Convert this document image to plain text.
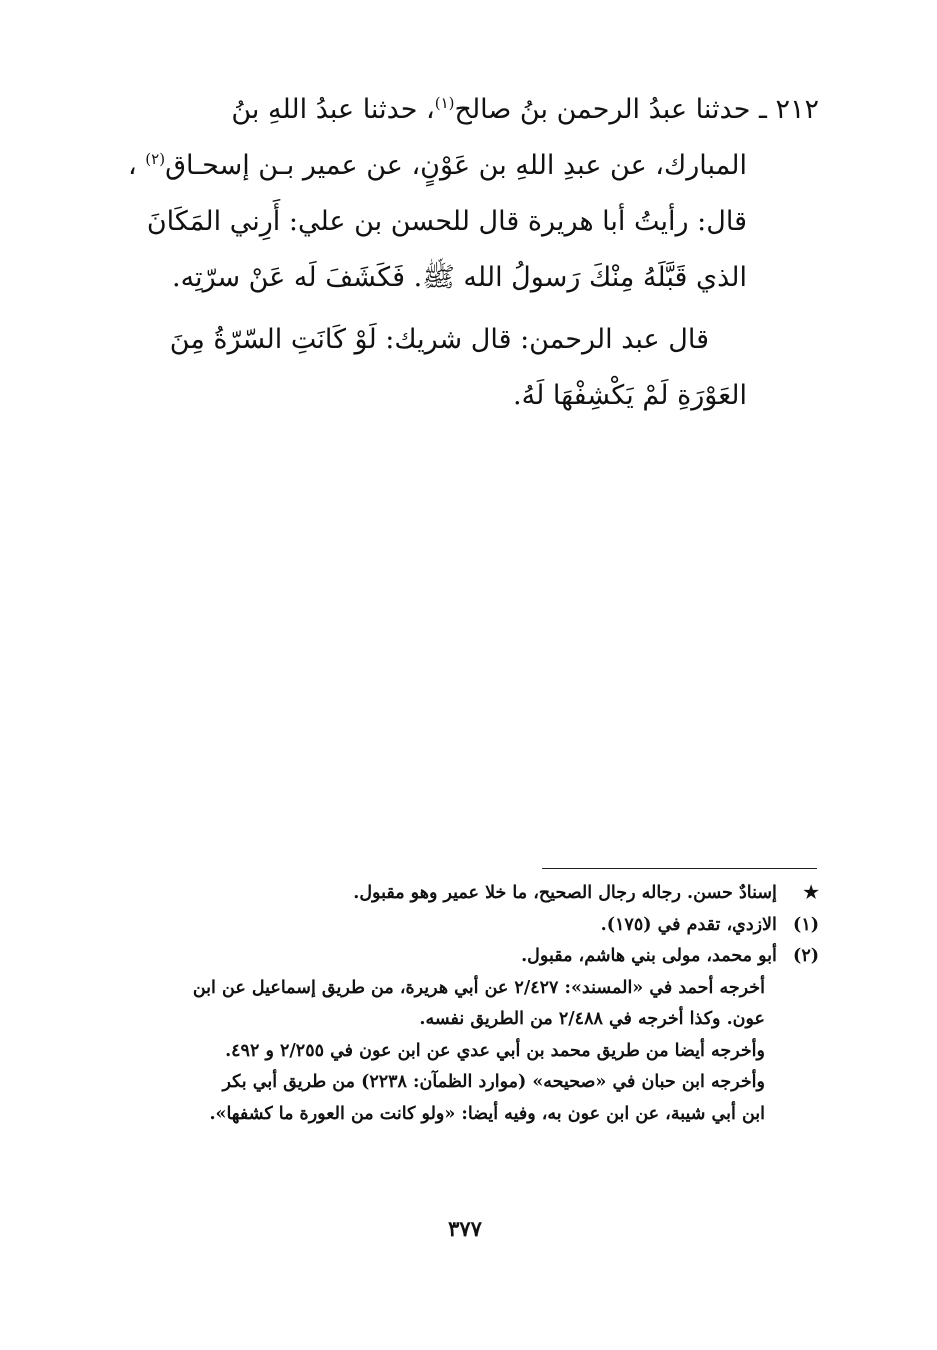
٢١٢ ـ حدثنا عبدُ الرحمن بنُ صالح$^{(١)}$، حدثنا عبدُ اللهِ بنُ
المبارك، عن عبدِ اللهِ بن عَوْنٍ، عن عمير بـن إسحـاق$^{(٢)}$ ،
قال: رأيتُ أبا هريرة قال للحسن بن علي: أَرِني المَكَانَ
الذي قَبَّلَهُ مِنْكَ رَسولُ الله ﷺ. فَكَشَفَ لَه عَنْ سرّتِه.

قال عبد الرحمن: قال شريك: لَوْ كَانَتِ السّرّةُ مِنَ

العَوْرَةِ لَمْ يَكْشِفْهَا لَهُ.

★ إسنادٌ حسن. رجاله رجال الصحيح، ما خلا عمير وهو مقبول.
(١) الازدي، تقدم في (١٧٥).
(٢) أبو محمد، مولى بني هاشم، مقبول.
أخرجه أحمد في «المسند»: ٢/٤٢٧ عن أبي هريرة، من طريق إسماعيل عن ابن
عون. وكذا أخرجه في ٢/٤٨٨ من الطريق نفسه.
وأخرجه أيضا من طريق محمد بن أبي عدي عن ابن عون في ٢/٢٥٥ و ٤٩٢.
وأخرجه ابن حبان في «صحيحه» (موارد الظمآن: ٢٢٣٨) من طريق أبي بكر
ابن أبي شيبة، عن ابن عون به، وفيه أيضا: «ولو كانت من العورة ما كشفها».
٣٧٧
